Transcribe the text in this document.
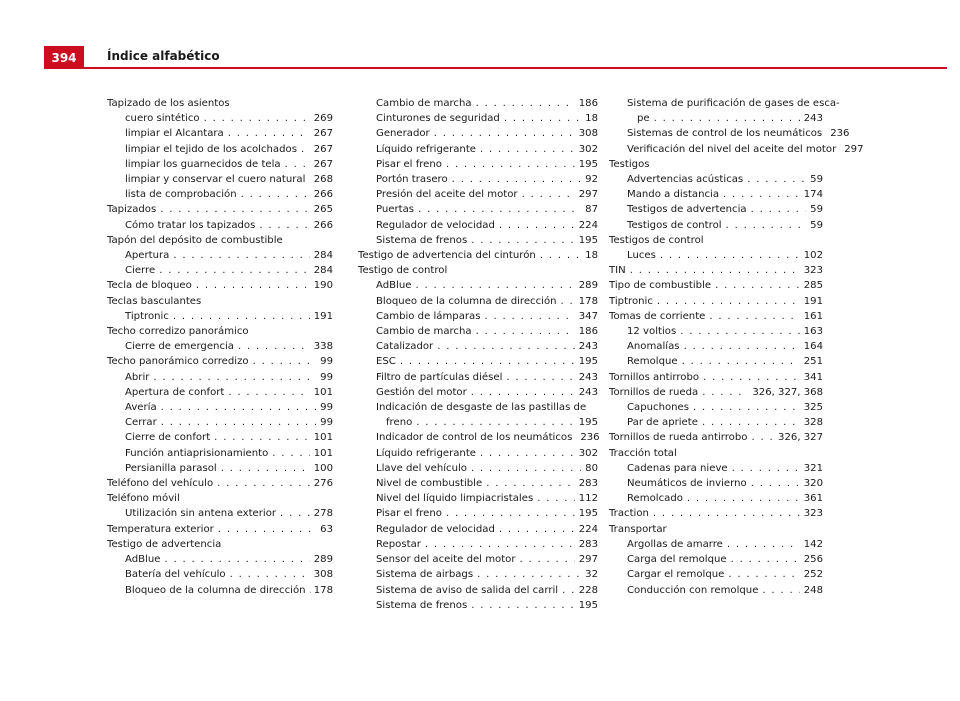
394	Índice alfabético
Tapizado de los asientos
cuero sintético . . .	269
limpiar el Alcantara . . .	267
limpiar el tejido de los acolchados . . . 267
limpiar los guarnecidos de tela . . .	267
limpiar y conservar el cuero natural . . . 268
lista de comprobación . . .	266
Tapizados . . .	265
Cómo tratar los tapizados . . .	266
Tapón del depósito de combustible
Apertura . . .	284
Cierre . . .	284
Tecla de bloqueo . . .	190
Teclas basculantes
Tiptronic . . .	191
Techo corredizo panorámico
Cierre de emergencia . . .	338
Techo panorámico corredizo . . .	99
Abrir . . .	99
Apertura de confort . . .	101
Avería . . .	99
Cerrar . . .	99
Cierre de confort . . .	101
Función antiaprisionamiento . . .	101
Persianilla parasol . . .	100
Teléfono del vehículo . . .	276
Teléfono móvil
Utilización sin antena exterior . . .	278
Temperatura exterior . . .	63
Testigo de advertencia
AdBlue . . .	289
Batería del vehículo . . .	308
Bloqueo de la columna de dirección . . . 178
Cambio de marcha . . .	186
Cinturones de seguridad . . .	18
Generador . . .	308
Líquido refrigerante . . .	302
Pisar el freno . . .	195
Portón trasero . . .	92
Presión del aceite del motor . . .	297
Puertas . . .	87
Regulador de velocidad . . .	224
Sistema de frenos . . .	195
Testigo de advertencia del cinturón . . .	18
Testigo de control
AdBlue . . .	289
Bloqueo de la columna de dirección . . . 178
Cambio de lámparas . . .	347
Cambio de marcha . . .	186
Catalizador . . .	243
ESC . . .	195
Filtro de partículas diésel . . .	243
Gestión del motor . . .	243
Indicación de desgaste de las pastillas de
freno . . .	195
Indicador de control de los neumáticos 236
Líquido refrigerante . . .	302
Llave del vehículo . . .	80
Nivel de combustible . . .	283
Nivel del líquido limpiacristales . . .	112
Pisar el freno . . .	195
Regulador de velocidad . . .	224
Repostar . . .	283
Sensor del aceite del motor . . .	297
Sistema de airbags . . .	32
Sistema de aviso de salida del carril . . . 228
Sistema de frenos . . .	195
Sistema de purificación de gases de esca-
pe . . .	243
Sistemas de control de los neumáticos 236
Verificación del nivel del aceite del motor 297
Testigos
Advertencias acústicas . . .	59
Mando a distancia . . .	174
Testigos de advertencia . . .	59
Testigos de control . . .	59
Testigos de control
Luces . . .	102
TIN . . .	323
Tipo de combustible . . .	285
Tiptronic . . .	191
Tomas de corriente . . .	161
12 voltios . . .	163
Anomalías . . .	164
Remolque . . .	251
Tornillos antirrobo . . .	341
Tornillos de rueda . . .	326, 327, 368
Capuchones . . .	325
Par de apriete . . .	328
Tornillos de rueda antirrobo . . .	326, 327
Tracción total
Cadenas para nieve . . .	321
Neumáticos de invierno . . .	320
Remolcado . . .	361
Traction . . .	323
Transportar
Argollas de amarre . . .	142
Carga del remolque . . .	256
Cargar el remolque . . .	252
Conducción con remolque . . .	248
